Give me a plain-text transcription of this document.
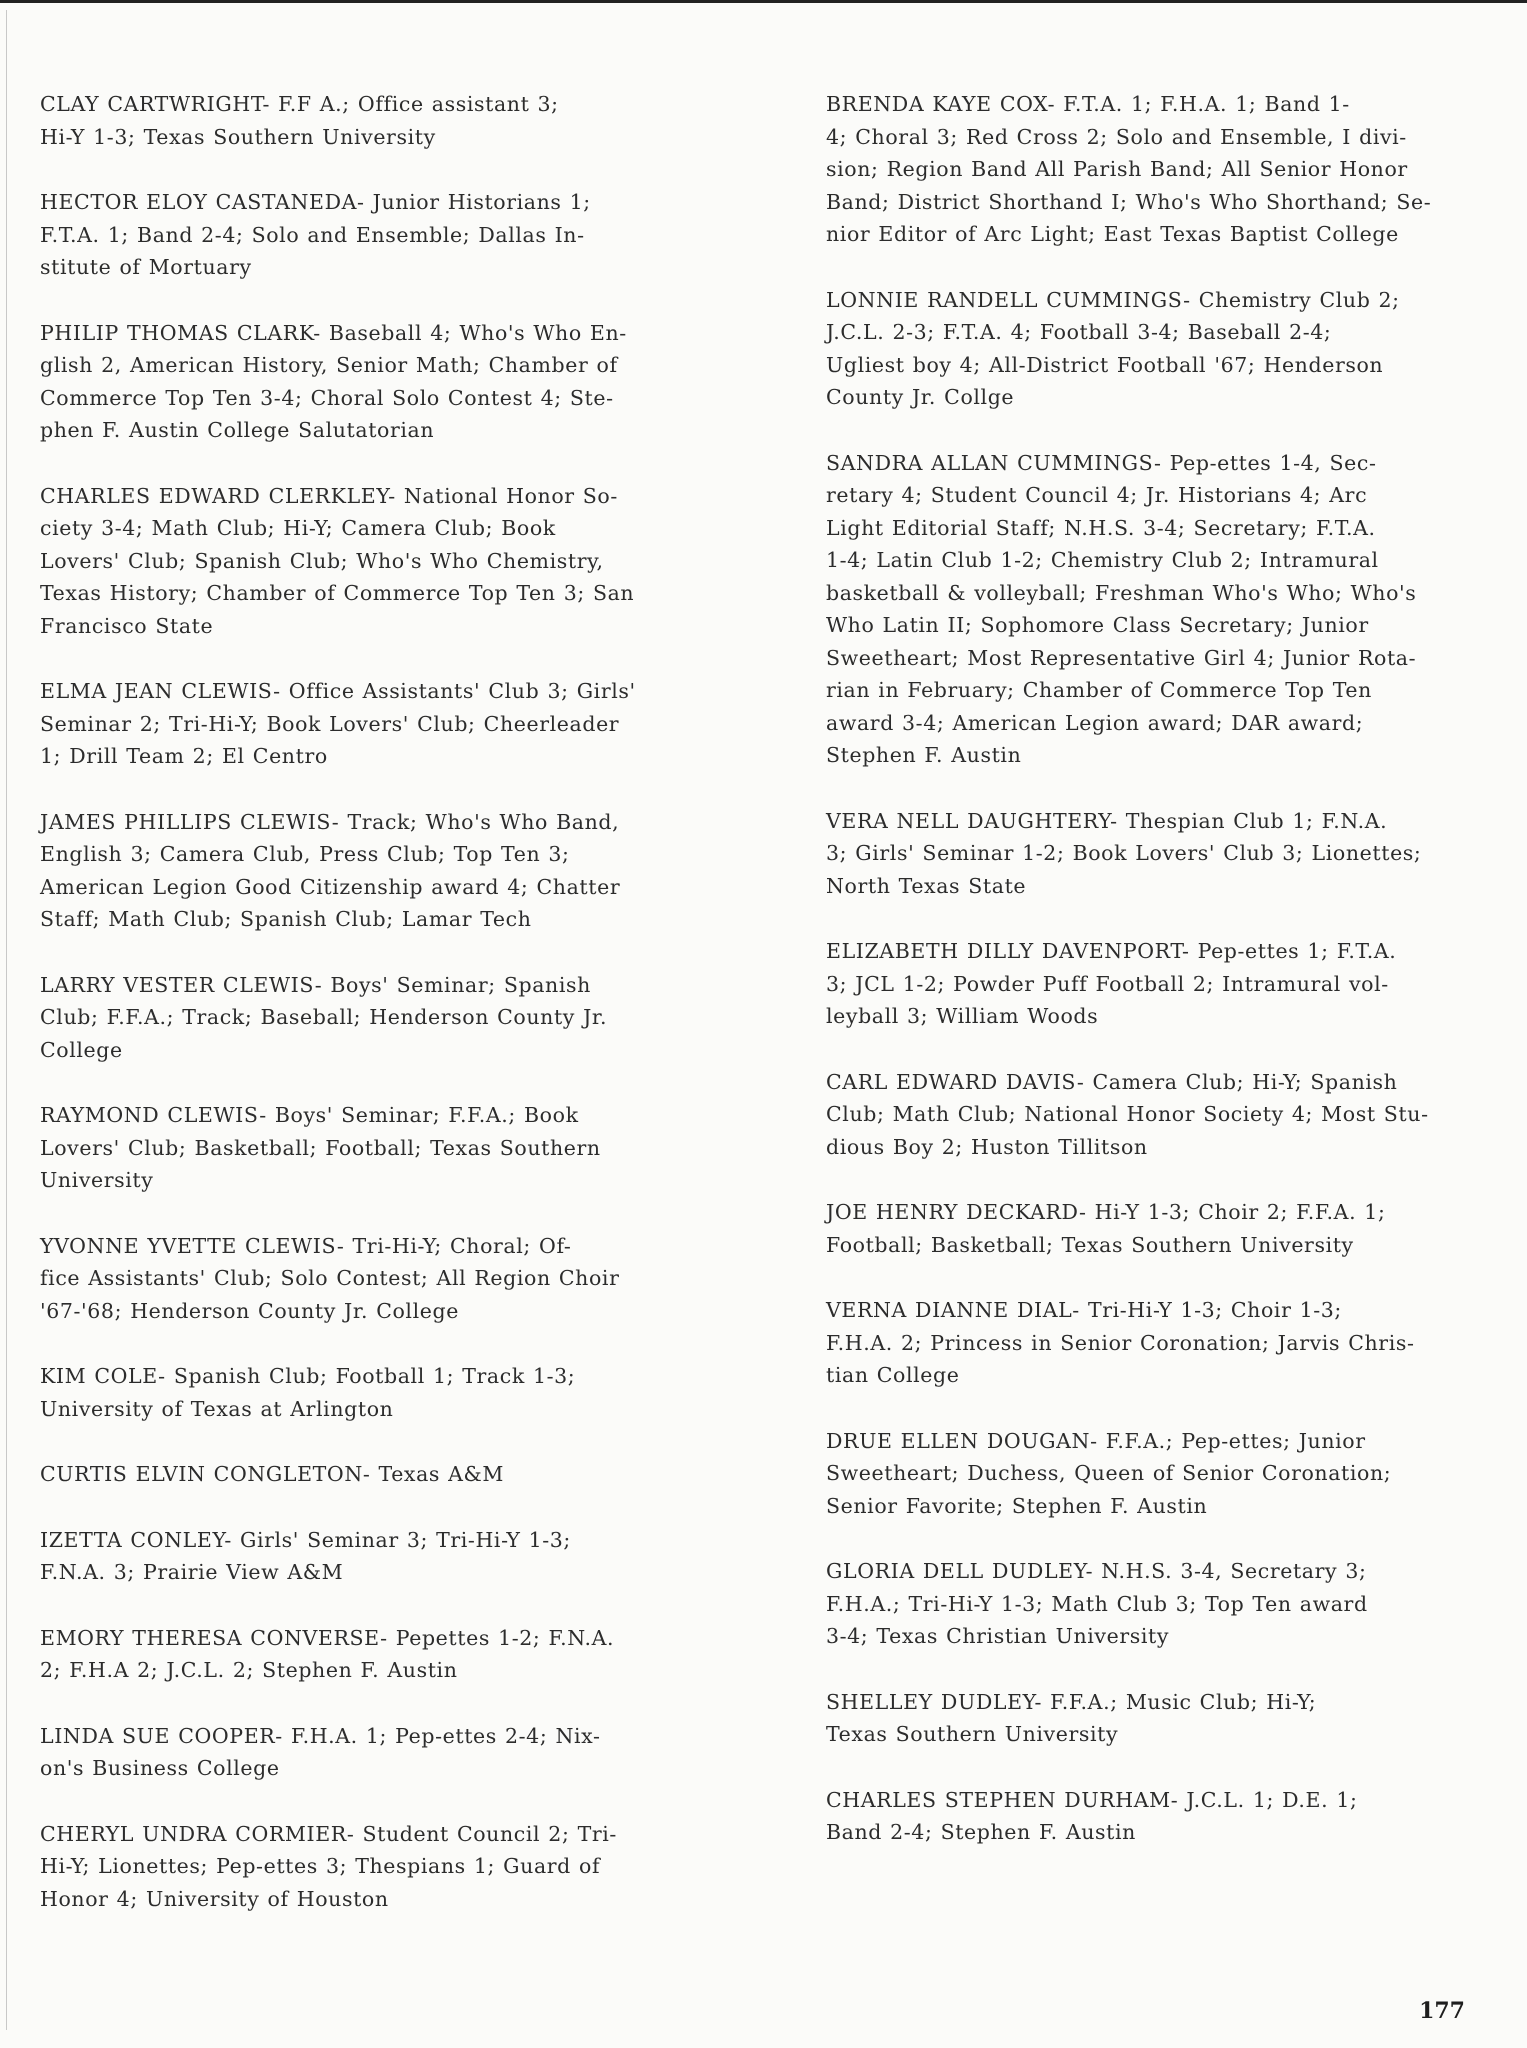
CLAY CARTWRIGHT- F.F A.; Office assistant 3;
Hi-Y 1-3; Texas Southern University

HECTOR ELOY CASTANEDA- Junior Historians 1;
F.T.A. 1; Band 2-4; Solo and Ensemble; Dallas In-
stitute of Mortuary

PHILIP THOMAS CLARK- Baseball 4; Who's Who En-
glish 2, American History, Senior Math; Chamber of
Commerce Top Ten 3-4; Choral Solo Contest 4; Ste-
phen F. Austin College Salutatorian

CHARLES EDWARD CLERKLEY- National Honor So-
ciety 3-4; Math Club; Hi-Y; Camera Club; Book
Lovers' Club; Spanish Club; Who's Who Chemistry,
Texas History; Chamber of Commerce Top Ten 3; San
Francisco State

ELMA JEAN CLEWIS- Office Assistants' Club 3; Girls'
Seminar 2; Tri-Hi-Y; Book Lovers' Club; Cheerleader
1; Drill Team 2; El Centro

JAMES PHILLIPS CLEWIS- Track; Who's Who Band,
English 3; Camera Club, Press Club; Top Ten 3;
American Legion Good Citizenship award 4; Chatter
Staff; Math Club; Spanish Club; Lamar Tech

LARRY VESTER CLEWIS- Boys' Seminar; Spanish
Club; F.F.A.; Track; Baseball; Henderson County Jr.
College

RAYMOND CLEWIS- Boys' Seminar; F.F.A.; Book
Lovers' Club; Basketball; Football; Texas Southern
University

YVONNE YVETTE CLEWIS- Tri-Hi-Y; Choral; Of-
fice Assistants' Club; Solo Contest; All Region Choir
'67-'68; Henderson County Jr. College

KIM COLE- Spanish Club; Football 1; Track 1-3;
University of Texas at Arlington

CURTIS ELVIN CONGLETON- Texas A&M

IZETTA CONLEY- Girls' Seminar 3; Tri-Hi-Y 1-3;
F.N.A. 3; Prairie View A&M

EMORY THERESA CONVERSE- Pepettes 1-2; F.N.A.
2; F.H.A 2; J.C.L. 2; Stephen F. Austin

LINDA SUE COOPER- F.H.A. 1; Pep-ettes 2-4; Nix-
on's Business College

CHERYL UNDRA CORMIER- Student Council 2; Tri-
Hi-Y; Lionettes; Pep-ettes 3; Thespians 1; Guard of
Honor 4; University of Houston

BRENDA KAYE COX- F.T.A. 1; F.H.A. 1; Band 1-
4; Choral 3; Red Cross 2; Solo and Ensemble, I divi-
sion; Region Band All Parish Band; All Senior Honor
Band; District Shorthand I; Who's Who Shorthand; Se-
nior Editor of Arc Light; East Texas Baptist College

LONNIE RANDELL CUMMINGS- Chemistry Club 2;
J.C.L. 2-3; F.T.A. 4; Football 3-4; Baseball 2-4;
Ugliest boy 4; All-District Football '67; Henderson
County Jr. Collge

SANDRA ALLAN CUMMINGS- Pep-ettes 1-4, Sec-
retary 4; Student Council 4; Jr. Historians 4; Arc
Light Editorial Staff; N.H.S. 3-4; Secretary; F.T.A.
1-4; Latin Club 1-2; Chemistry Club 2; Intramural
basketball & volleyball; Freshman Who's Who; Who's
Who Latin II; Sophomore Class Secretary; Junior
Sweetheart; Most Representative Girl 4; Junior Rota-
rian in February; Chamber of Commerce Top Ten
award 3-4; American Legion award; DAR award;
Stephen F. Austin

VERA NELL DAUGHTERY- Thespian Club 1; F.N.A.
3; Girls' Seminar 1-2; Book Lovers' Club 3; Lionettes;
North Texas State

ELIZABETH DILLY DAVENPORT- Pep-ettes 1; F.T.A.
3; JCL 1-2; Powder Puff Football 2; Intramural vol-
leyball 3; William Woods

CARL EDWARD DAVIS- Camera Club; Hi-Y; Spanish
Club; Math Club; National Honor Society 4; Most Stu-
dious Boy 2; Huston Tillitson

JOE HENRY DECKARD- Hi-Y 1-3; Choir 2; F.F.A. 1;
Football; Basketball; Texas Southern University

VERNA DIANNE DIAL- Tri-Hi-Y 1-3; Choir 1-3;
F.H.A. 2; Princess in Senior Coronation; Jarvis Chris-
tian College

DRUE ELLEN DOUGAN- F.F.A.; Pep-ettes; Junior
Sweetheart; Duchess, Queen of Senior Coronation;
Senior Favorite; Stephen F. Austin

GLORIA DELL DUDLEY- N.H.S. 3-4, Secretary 3;
F.H.A.; Tri-Hi-Y 1-3; Math Club 3; Top Ten award
3-4; Texas Christian University

SHELLEY DUDLEY- F.F.A.; Music Club; Hi-Y;
Texas Southern University

CHARLES STEPHEN DURHAM- J.C.L. 1; D.E. 1;
Band 2-4; Stephen F. Austin

177
